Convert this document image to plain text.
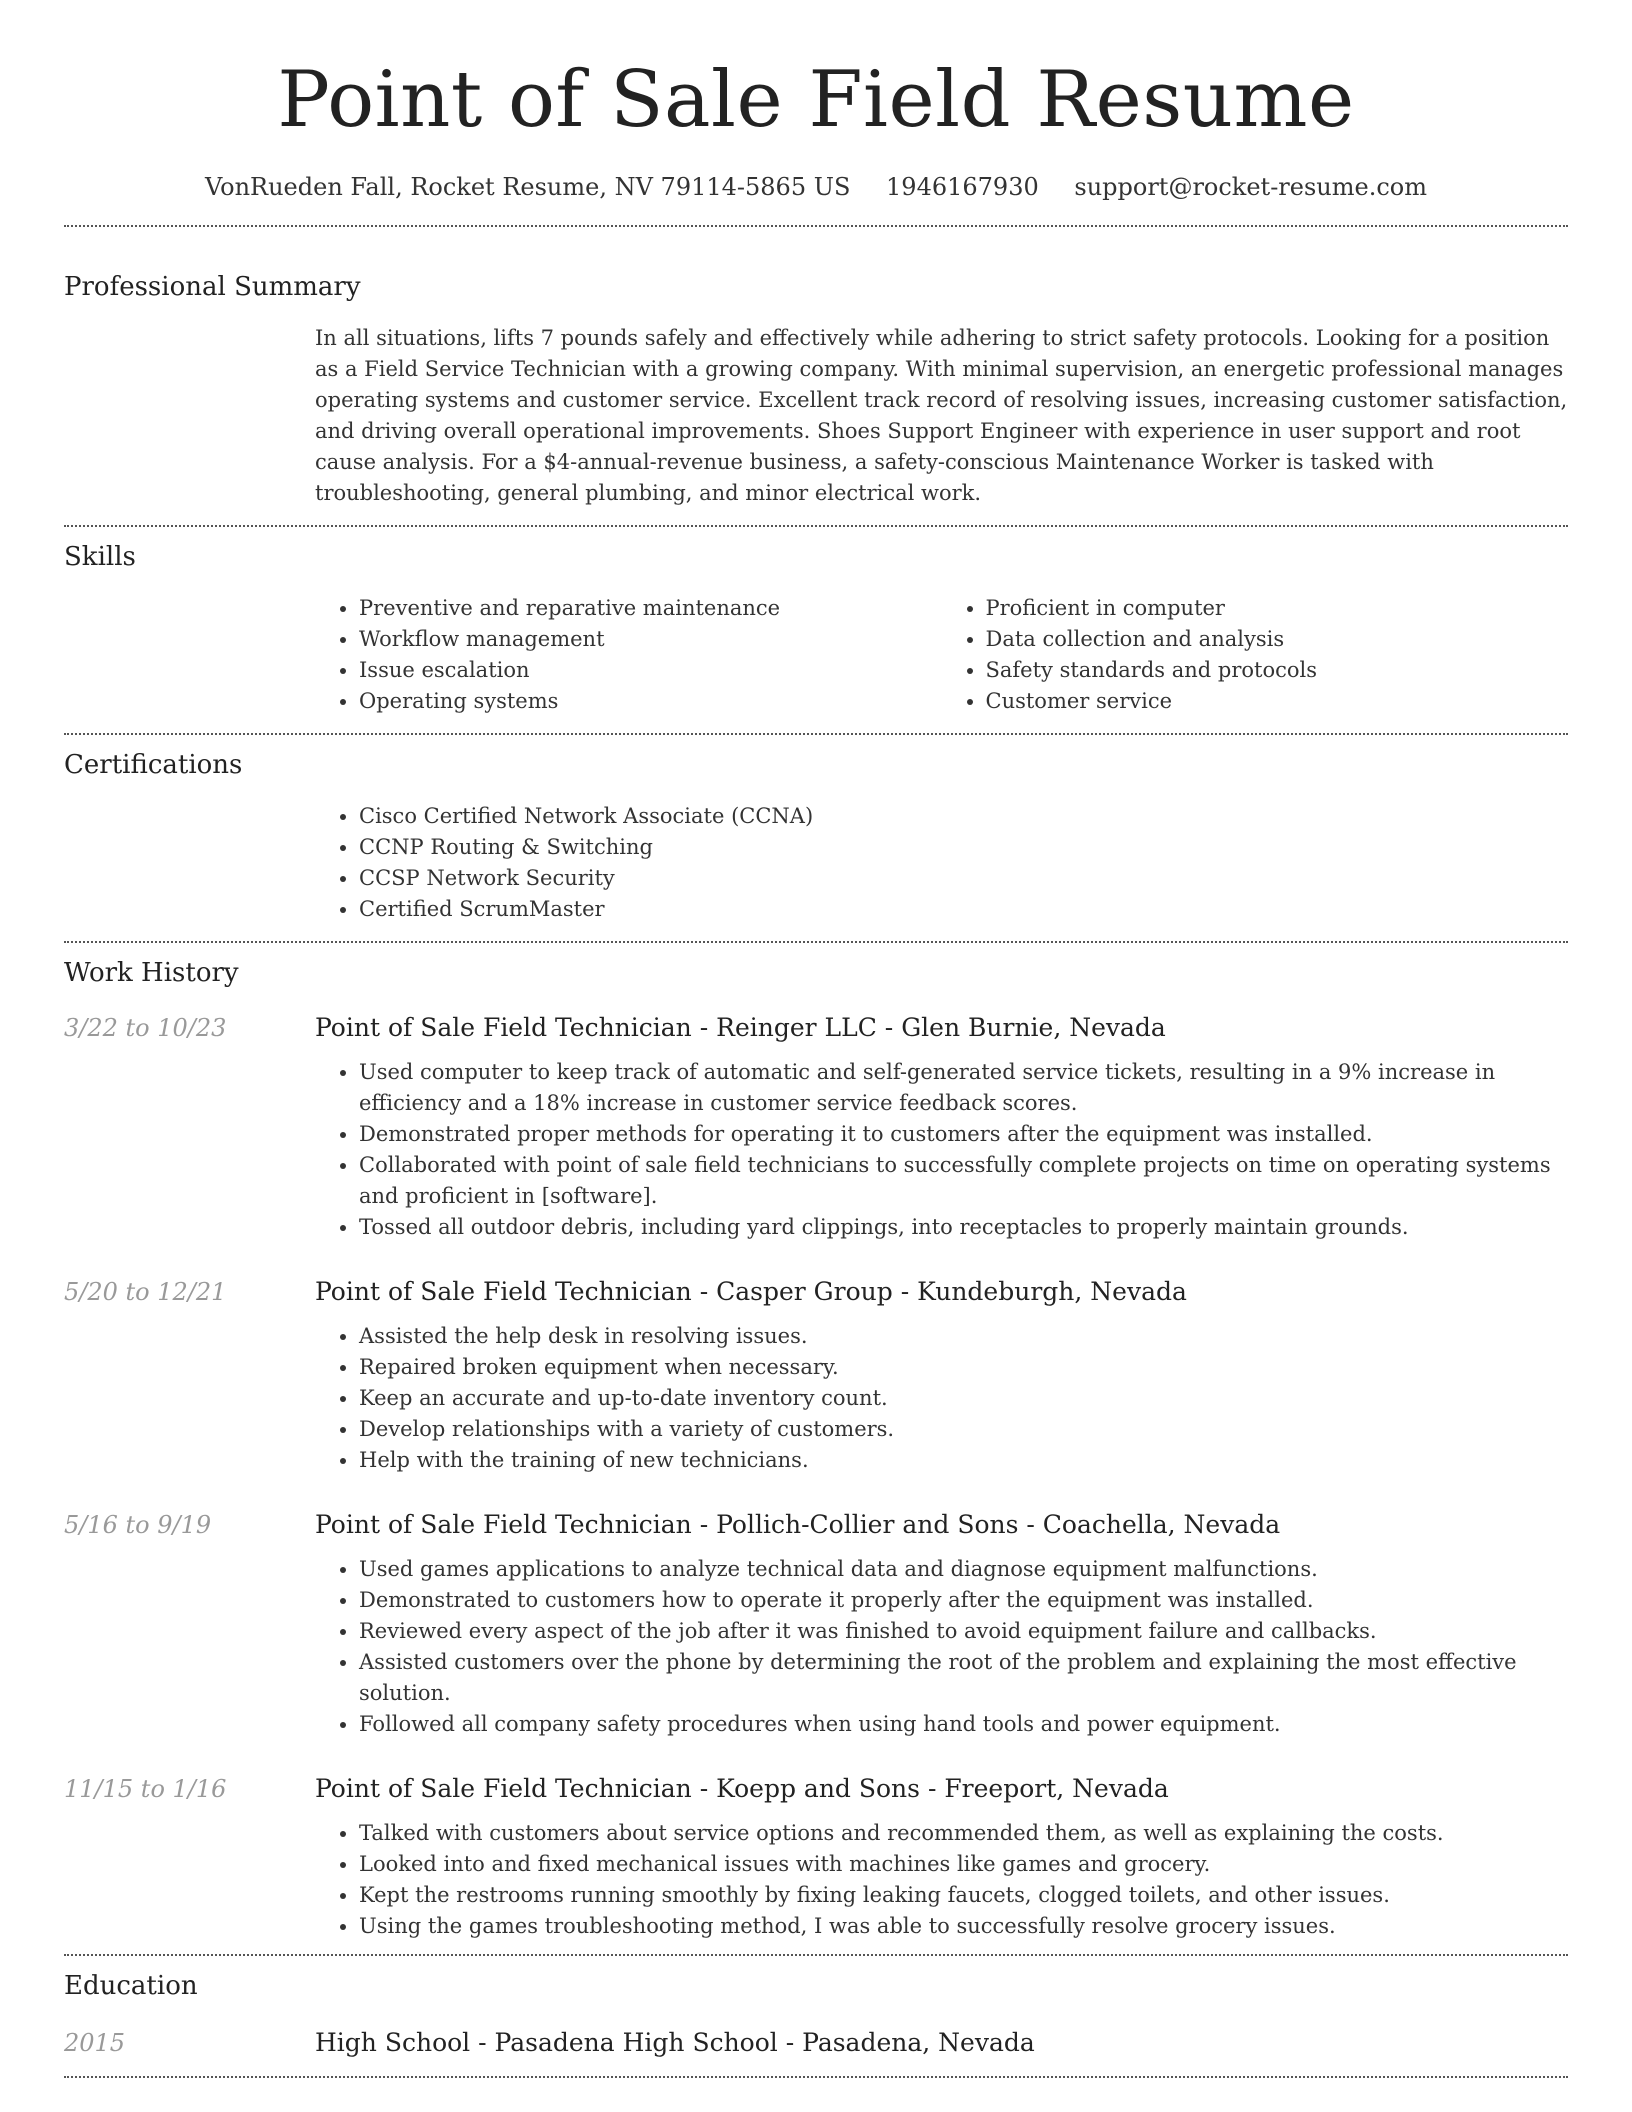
Point of Sale Field Resume
VonRueden Fall, Rocket Resume, NV 79114-5865 US 1946167930 support@rocket-resume.com
Professional Summary
In all situations, lifts 7 pounds safely and effectively while adhering to strict safety protocols. Looking for a position as a Field Service Technician with a growing company. With minimal supervision, an energetic professional manages operating systems and customer service. Excellent track record of resolving issues, increasing customer satisfaction, and driving overall operational improvements. Shoes Support Engineer with experience in user support and root cause analysis. For a $4-annual-revenue business, a safety-conscious Maintenance Worker is tasked with troubleshooting, general plumbing, and minor electrical work.
Skills
• Preventive and reparative maintenance
• Workflow management
• Issue escalation
• Operating systems
• Proficient in computer
• Data collection and analysis
• Safety standards and protocols
• Customer service
Certifications
• Cisco Certified Network Associate (CCNA)
• CCNP Routing & Switching
• CCSP Network Security
• Certified ScrumMaster
Work History
3/22 to 10/23	Point of Sale Field Technician - Reinger LLC - Glen Burnie, Nevada
• Used computer to keep track of automatic and self-generated service tickets, resulting in a 9% increase in efficiency and a 18% increase in customer service feedback scores.
• Demonstrated proper methods for operating it to customers after the equipment was installed.
• Collaborated with point of sale field technicians to successfully complete projects on time on operating systems and proficient in [software].
• Tossed all outdoor debris, including yard clippings, into receptacles to properly maintain grounds.
5/20 to 12/21	Point of Sale Field Technician - Casper Group - Kundeburgh, Nevada
• Assisted the help desk in resolving issues.
• Repaired broken equipment when necessary.
• Keep an accurate and up-to-date inventory count.
• Develop relationships with a variety of customers.
• Help with the training of new technicians.
5/16 to 9/19	Point of Sale Field Technician - Pollich-Collier and Sons - Coachella, Nevada
• Used games applications to analyze technical data and diagnose equipment malfunctions.
• Demonstrated to customers how to operate it properly after the equipment was installed.
• Reviewed every aspect of the job after it was finished to avoid equipment failure and callbacks.
• Assisted customers over the phone by determining the root of the problem and explaining the most effective solution.
• Followed all company safety procedures when using hand tools and power equipment.
11/15 to 1/16	Point of Sale Field Technician - Koepp and Sons - Freeport, Nevada
• Talked with customers about service options and recommended them, as well as explaining the costs.
• Looked into and fixed mechanical issues with machines like games and grocery.
• Kept the restrooms running smoothly by fixing leaking faucets, clogged toilets, and other issues.
• Using the games troubleshooting method, I was able to successfully resolve grocery issues.
Education
2015	High School - Pasadena High School - Pasadena, Nevada
